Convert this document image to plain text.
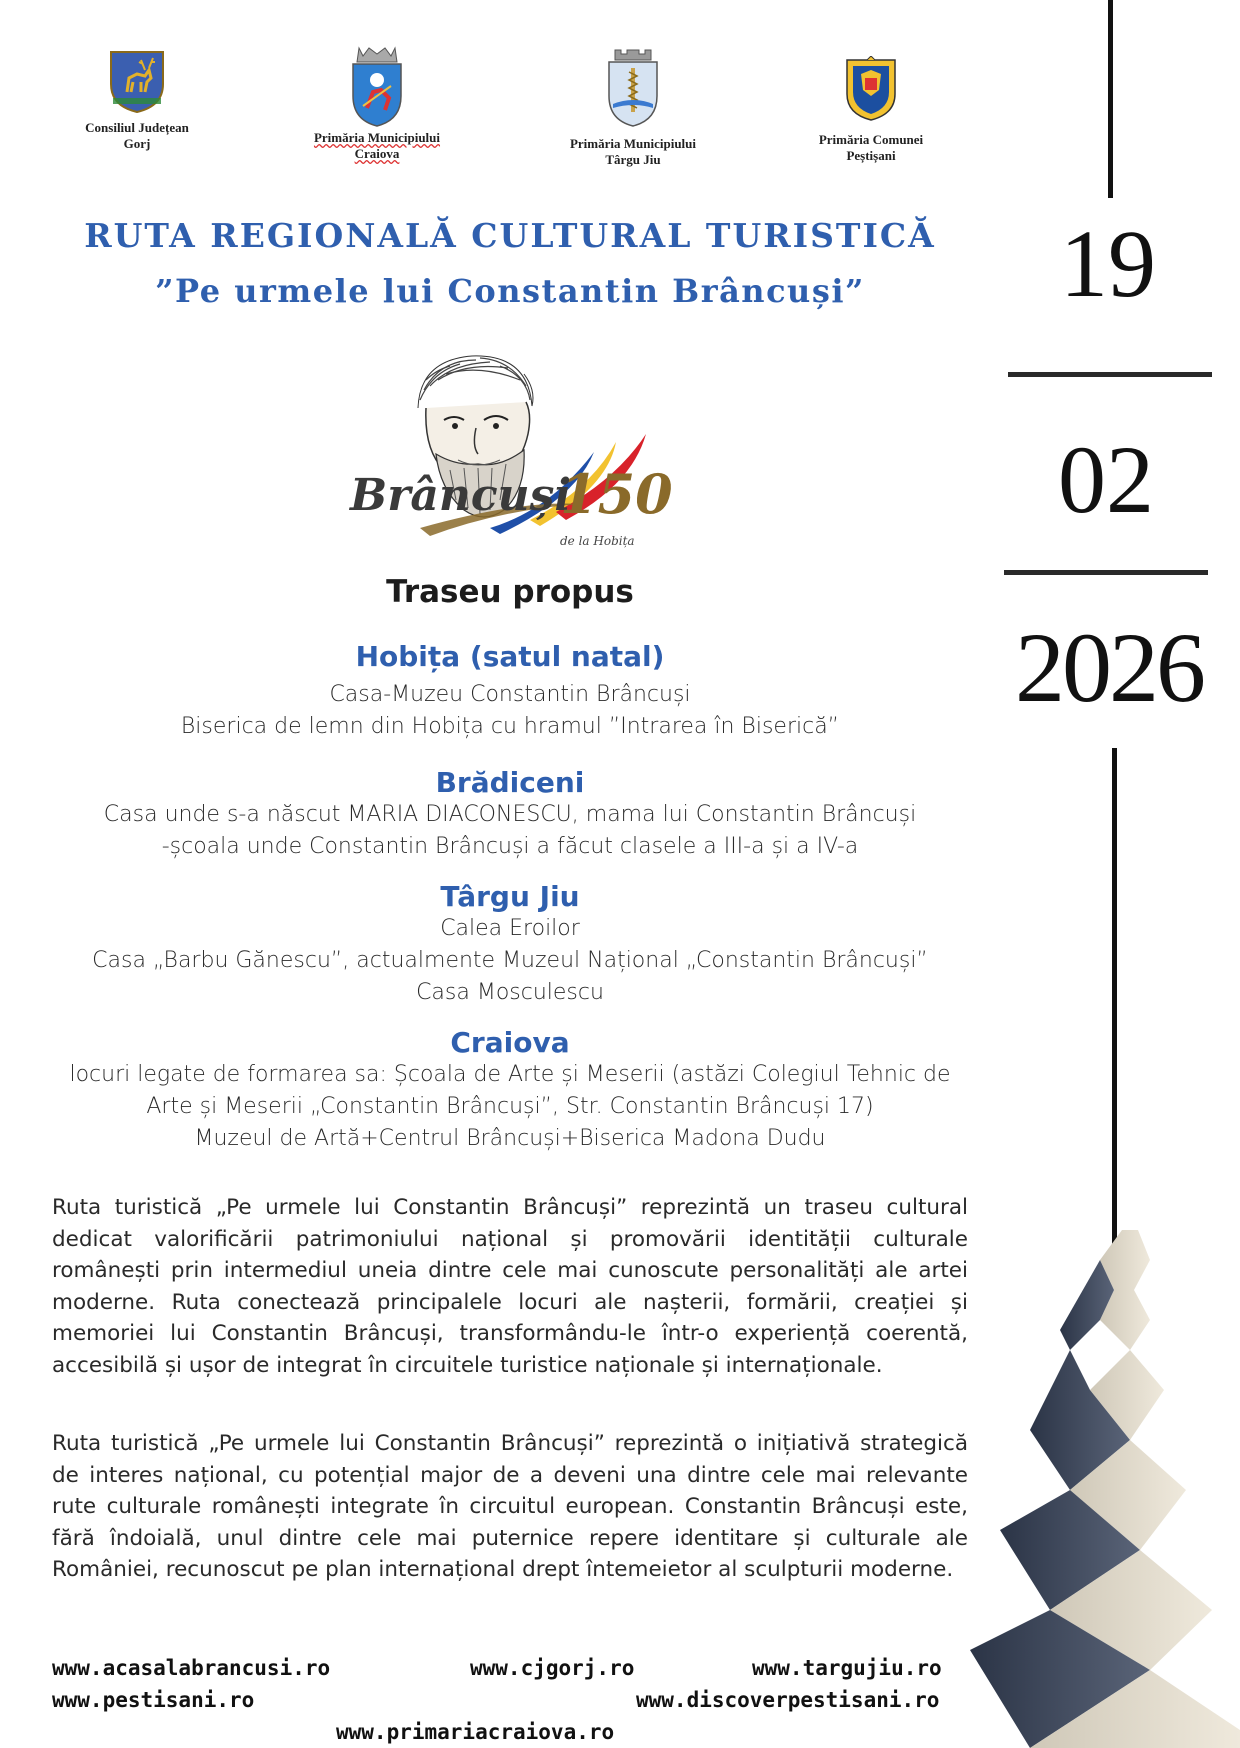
Consiliul Județean
Gorj	Primăria Municipiului
Craiova
Primăria Municipiului
Târgu Jiu
Primăria Comunei
Peștișani
RUTA REGIONALĂ CULTURAL TURISTICĂ
”Pe urmele lui Constantin Brâncuși”
Brâncuși
150
de la Hobița
Traseu propus
Hobița (satul natal)
Casa-Muzeu Constantin Brâncuși
Biserica de lemn din Hobița cu hramul ”Intrarea în Biserică”
Brădiceni
Casa unde s-a născut MARIA DIACONESCU, mama lui Constantin Brâncuși
-școala unde Constantin Brâncuși a făcut clasele a III-a și a IV-a
Târgu Jiu
Calea Eroilor
Casa „Barbu Gănescu”, actualmente Muzeul Național „Constantin Brâncuși”
Casa Mosculescu
Craiova
locuri legate de formarea sa: Școala de Arte și Meserii (astăzi Colegiul Tehnic de
Arte și Meserii „Constantin Brâncuși”, Str. Constantin Brâncuși 17)
Muzeul de Artă+Centrul Brâncuși+Biserica Madona Dudu
Ruta turistică „Pe urmele lui Constantin Brâncuși” reprezintă un traseu cultural dedicat valorificării patrimoniului național și promovării identității culturale românești prin intermediul uneia dintre cele mai cunoscute personalități ale artei moderne. Ruta conectează principalele locuri ale nașterii, formării, creației și memoriei lui Constantin Brâncuși, transformându-le într-o experiență coerentă, accesibilă și ușor de integrat în circuitele turistice naționale și internaționale.
Ruta turistică „Pe urmele lui Constantin Brâncuși” reprezintă o inițiativă strategică de interes național, cu potențial major de a deveni una dintre cele mai relevante rute culturale românești integrate în circuitul european. Constantin Brâncuși este, fără îndoială, unul dintre cele mai puternice repere identitare și culturale ale României, recunoscut pe plan internațional drept întemeietor al sculpturii moderne.
www.acasalabrancusi.ro	www.cjgorj.ro	www.targujiu.ro
www.pestisani.ro	www.discoverpestisani.ro
www.primariacraiova.ro
19
02
2026
